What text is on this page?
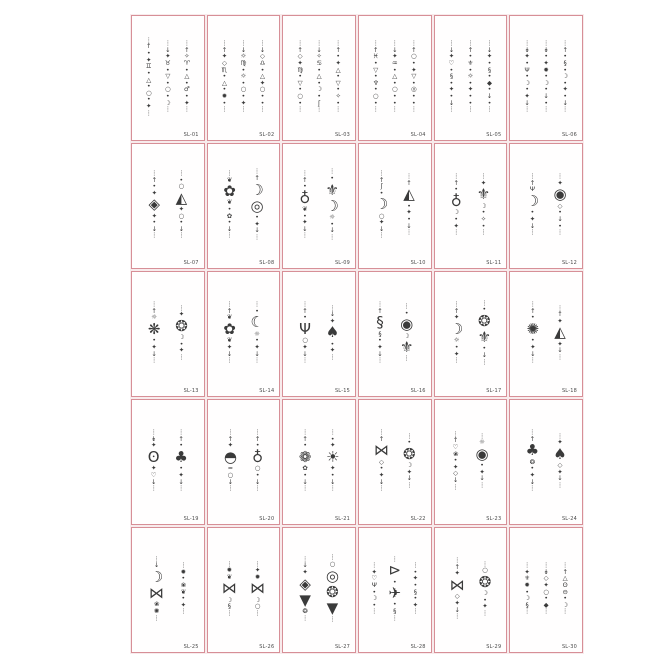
⋮
↑
•
✦
♊
•
△
•
○
•
✦
⋮
⋮
↓
✦
♉
•
▽
•
○
•
☽
⋮
⋮
↑
✧
♈
•
△
•
♂
•
✦
⋮
SL-01
⋮
↑
✦
◇
♏
•
△
•
✹
•
⋮
⋮
↓
☼
♍
•
☼
•
○
•
✦
⋮
⋮
↓
◇
♎
•
△
✦
○
•
•
⋮
SL-02
⋮
↑
◇
✦
♍
•
▽
•
○
•
⋮
⋮
↓
✧
♋
•
△
•
☽
•
ʃ
⋮
⋮
↑
•
✦
△
•
▽
•
✧
•
⋮
SL-03
⋮
↑
♓
•
▽
•
♆
•
○
•
⋮
⋮
↓
✦
♒
•
△
•
○
•
•
⋮
⋮
↑
○
•
✦
▽
•
◎
•
•
⋮
SL-04
⋮
↓
✦
♡
•
§
•
✦
•
↓
⋮
⋮
↑
•
⚜
•
☼
•
✦
•
•
⋮
⋮
↓
✦
•
§
•
◆
•
↓
•
⋮
SL-05
⋮
↡
✦
•
Ψ
•
☽
•
✦
↓
⋮
⋮
↡
•
✦
✹
•
☽
•
↓
•
⋮
⋮
↑
•
§
•
☽
•
✦
•
↓
⋮
SL-06
⋮
↑
•
✦
◈
✦
•
↓
⋮
⋮
•
○
◭
✦
○
•
↓
⋮
SL-07
⋮
❦
✿
❦
•
✿
•
↓
⋮
⋮
↑
☽
◎
•
✦
↓
⋮
SL-08
⋮
↑
•
♁
❦
•
✦
↓
⋮
⋮
•
⚜
☽
☼
•
↓
⋮
SL-09
⋮
↑
ʃ
•
☽
○
✦
↓
⋮
⋮
↑
◭
•
✦
•
↓
⋮
SL-10
⋮
↑
•
♁
☽
•
✦
⋮
⋮
✦
⚜
☽
•
✧
•
⋮
SL-11
⋮
↑
Ψ
☽
•
✦
↓
⋮
⋮
✦
◉
◇
•
↓
•
⋮
SL-12
⋮
↑
☼
❋
•
✦
↓
⋮
⋮
✦
❂
☽
•
✦
⋮
SL-13
⋮
↑
❦
✿
❦
✦
↓
⋮
⋮
•
☾
☼
•
✦
↓
⋮
SL-14
⋮
↑
•
Ψ
○
✦
↓
⋮
⋮
↓
✦
♠
•
✦
⋮
SL-15
⋮
↑
§
§
•
✦
↓
⋮
⋮
•
◉
☽
⚜
⋮
SL-16
⋮
↑
✦
☽
☼
•
✦
⋮
⋮
•
❂
⚜
•
↓
⋮
SL-17
⋮
↑
•
✺
•
✦
↓
⋮
⋮
↑
✦
◭
✦
↓
⋮
SL-18
⋮
↡
✦
ʘ
✦
♡
↓
⋮
⋮
↑
•
♣
•
✦
↓
⋮
SL-19
⋮
↑
✦
◓
≈
○
↓
⋮
⋮
↑
•
♁
○
•
↓
⋮
SL-20
⋮
↑
•
❁
✿
•
↓
⋮
⋮
•
✦
☀
✦
•
↓
⋮
SL-21
⋮
↑
⋈
◇
•
✦
↓
⋮
⋮
•
❂
☽
✦
↓
⋮
SL-22
⋮
↑
♡
❀
•
✦
◇
↓
⋮
⋮
☼
◉
•
✦
↓
⋮
SL-23
⋮
↑
♣
❂
•
✦
↓
⋮
⋮
✦
♠
◇
✦
↓
⋮
SL-24
⋮
↓
☽
⋈
❀
✺
⋮
⋮
✹
•
❀
❦
•
✦
⋮
SL-25
⋮
✹
❦
⋈
☽
§
⋮
⋮
✦
✹
⋈
☽
○
⋮
SL-26
⋮
↓
✦
◈
▼
❂
⋮
⋮
○
◎
❂
▼
⋮
SL-27
⋮
✦
♡
Ψ
•
☽
•
⋮
⋮
⊳
•
✈
•
§
⋮
⋮
•
✦
•
§
•
✦
⋮
SL-28
⋮
↑
✦
⋈
◇
✦
↓
⋮
⋮
○
❂
☽
•
✦
⋮
SL-29
⋮
✦
⚜
✹
•
☽
§
⋮
⋮
↡
◇
✦
○
•
◆
⋮
⋮
↑
△
ʘ
⊖
•
☽
⋮
SL-30
